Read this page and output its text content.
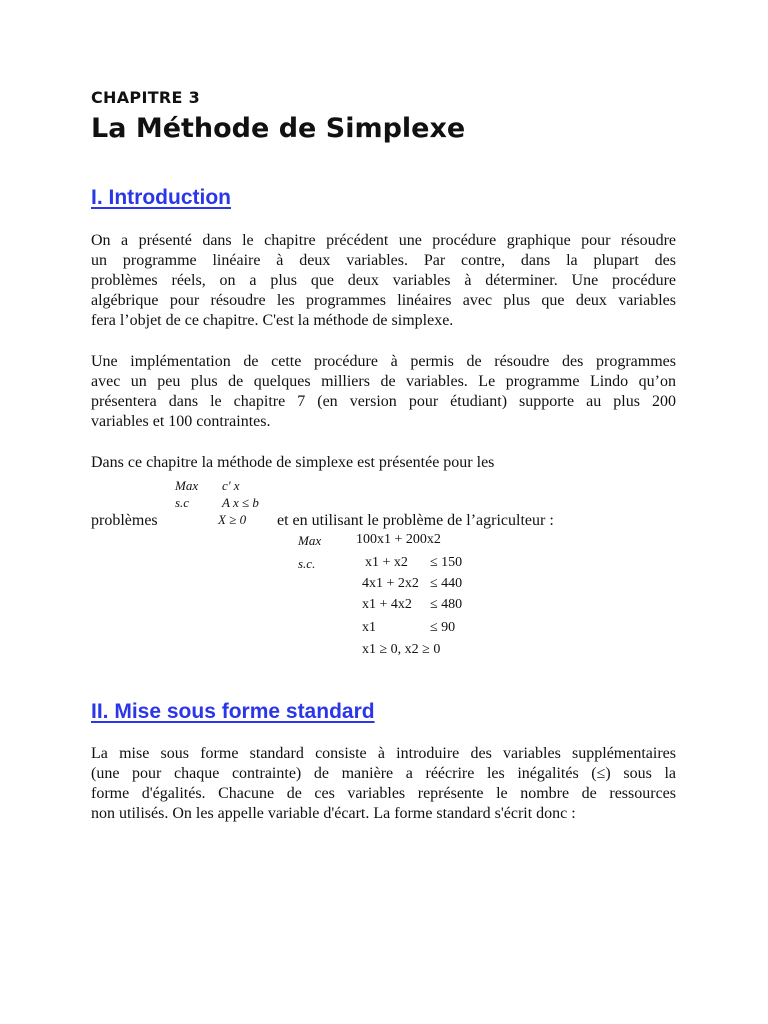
CHAPITRE 3
La Méthode de Simplexe
I. Introduction
On a présenté dans le chapitre précédent une procédure graphique pour résoudre
un programme linéaire à deux variables. Par contre, dans la plupart des
problèmes réels, on a plus que deux variables à déterminer. Une procédure
algébrique pour résoudre les programmes linéaires avec plus que deux variables
fera l’objet de ce chapitre. C'est la méthode de simplexe.
Une implémentation de cette procédure à permis de résoudre des programmes
avec un peu plus de quelques milliers de variables. Le programme Lindo qu’on
présentera dans le chapitre 7 (en version pour étudiant) supporte au plus 200
variables et 100 contraintes.
Dans ce chapitre la méthode de simplexe est présentée pour les
Max c' x
s.c	A x ≤ b
problèmes	X ≥ 0 et en utilisant le problème de l’agriculteur :
Max 100x1 + 200x2
s.c.	x1 + x2 ≤ 150
4x1 + 2x2 ≤ 440
x1 + 4x2 ≤ 480
x1	≤ 90
x1 ≥ 0, x2 ≥ 0
II. Mise sous forme standard
La mise sous forme standard consiste à introduire des variables supplémentaires
(une pour chaque contrainte) de manière a réécrire les inégalités (≤) sous la
forme d'égalités. Chacune de ces variables représente le nombre de ressources
non utilisés. On les appelle variable d'écart. La forme standard s'écrit donc :
